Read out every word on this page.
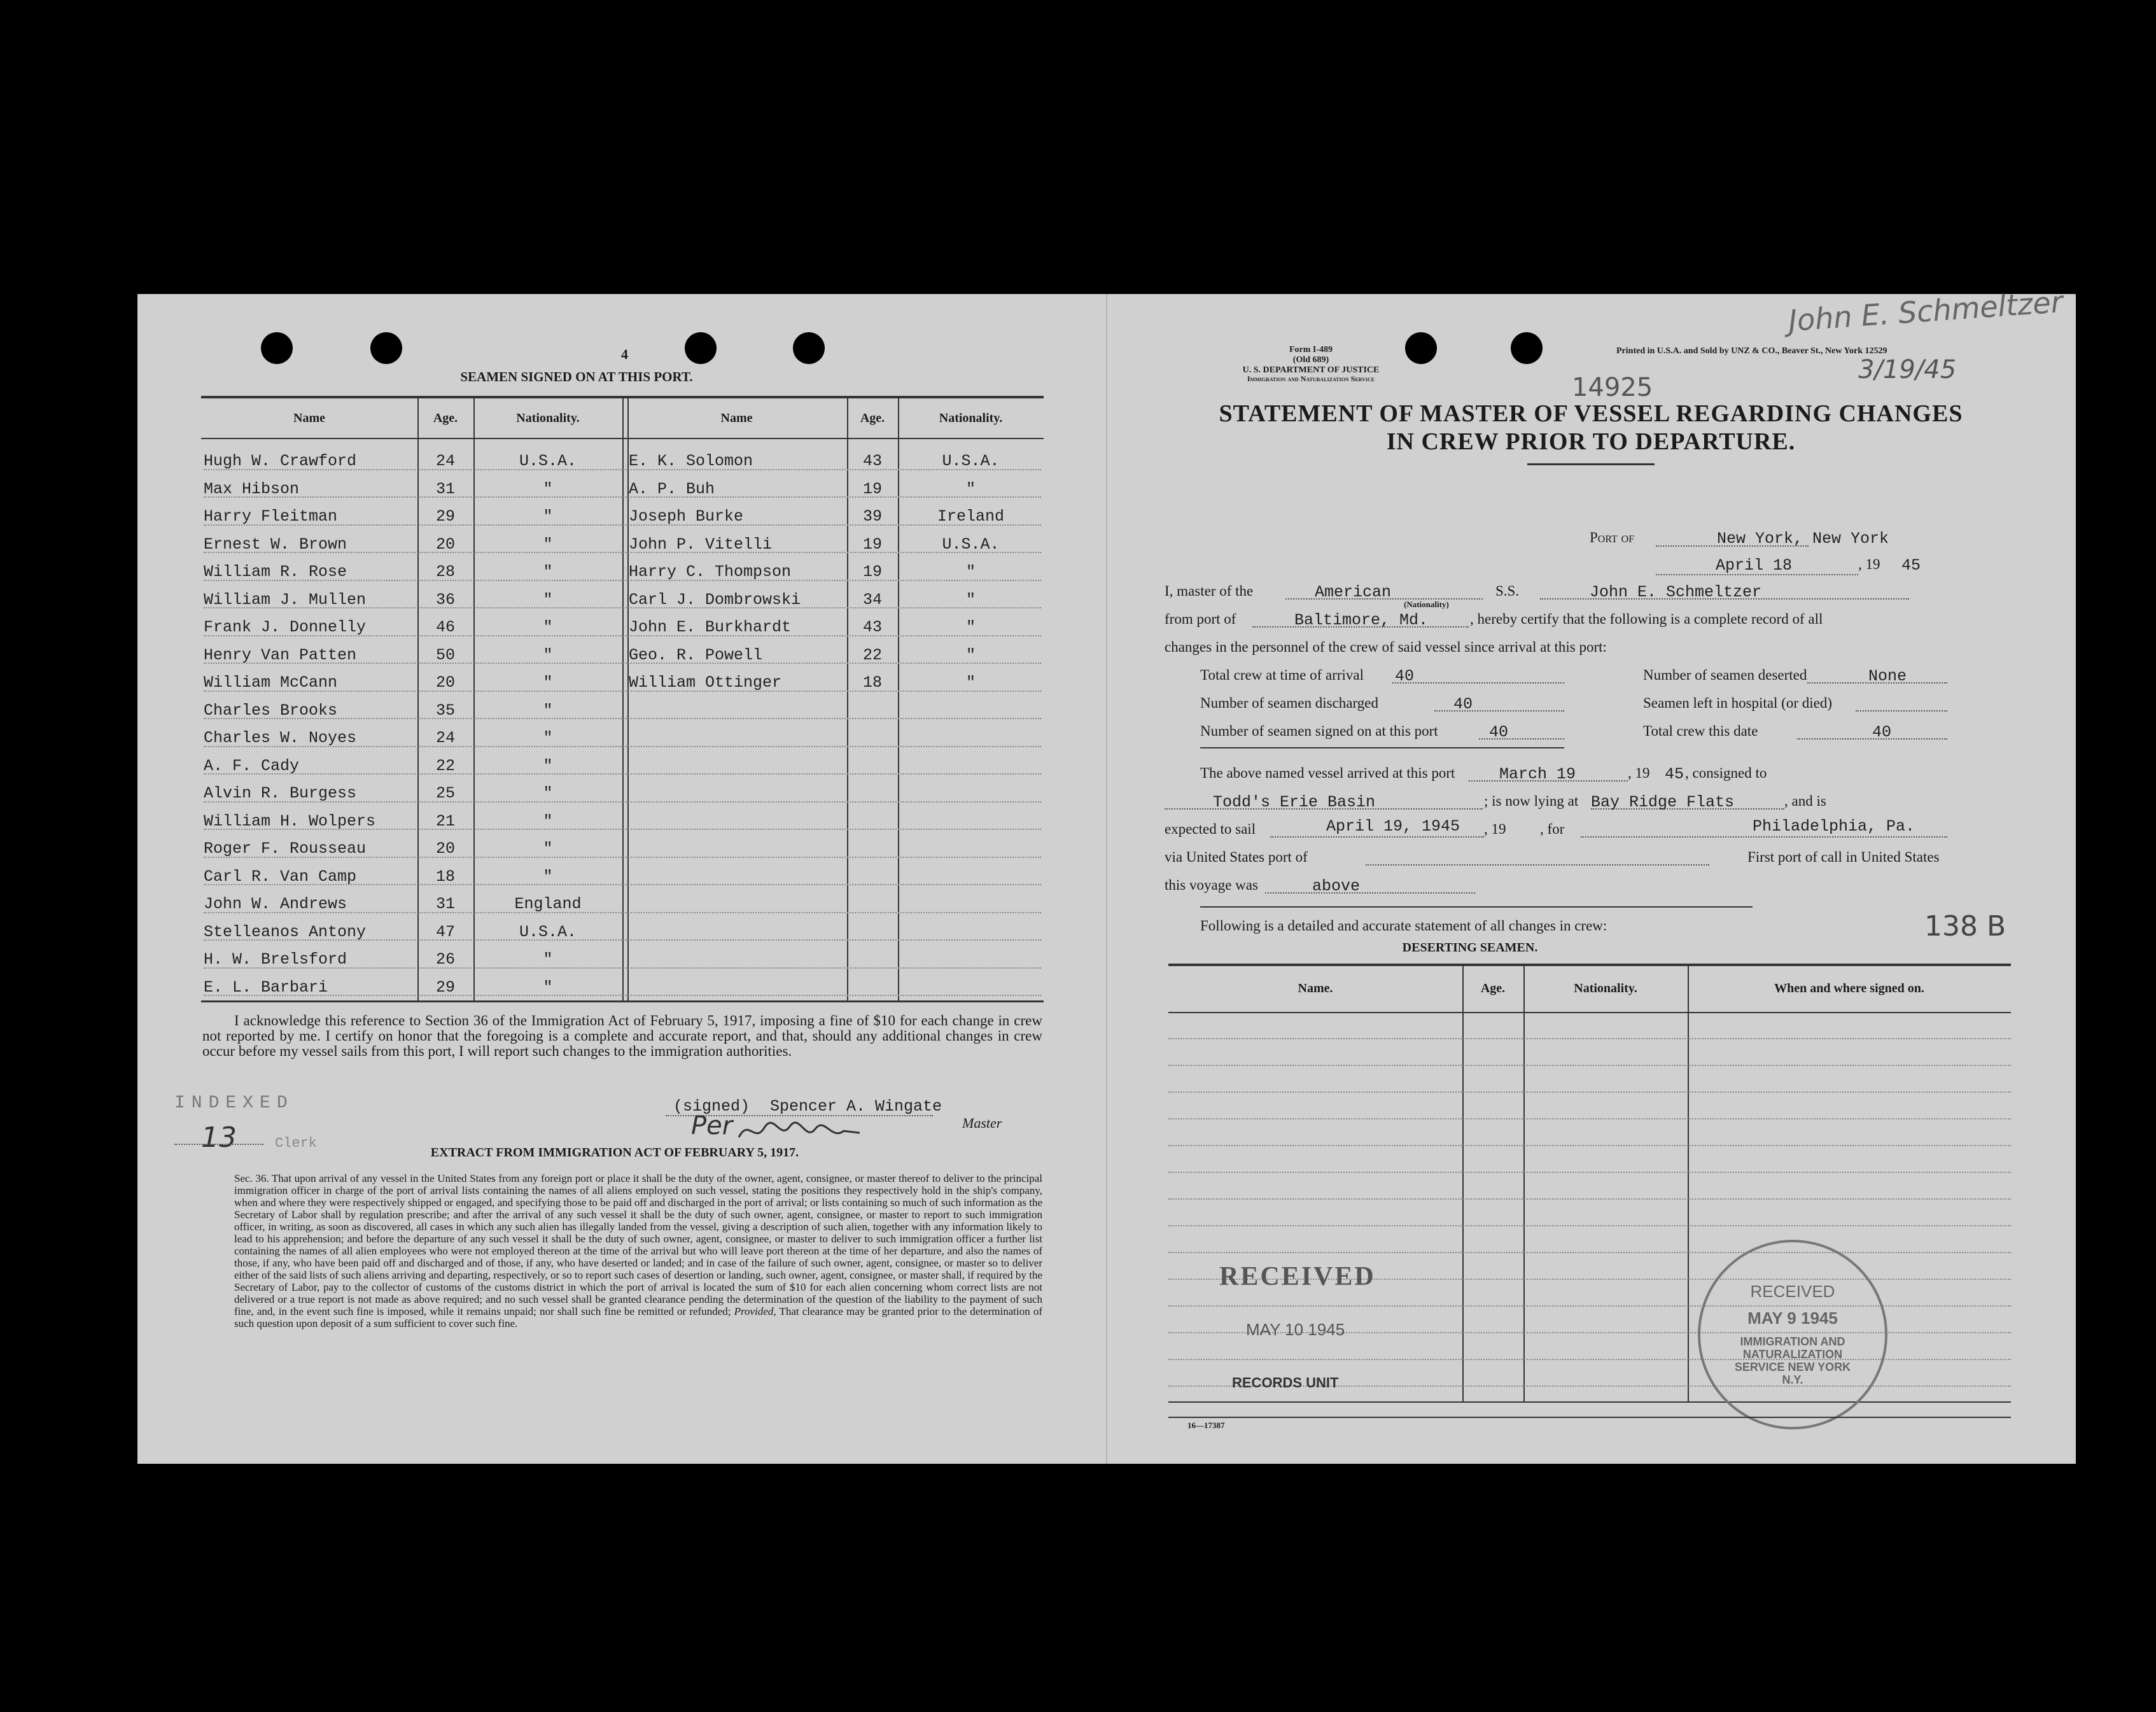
4
SEAMEN SIGNED ON AT THIS PORT.
Name	Age.	Nationality.	Name	Age.	Nationality.
Hugh W. Crawford	24	U.S.A.	E. K. Solomon	43	U.S.A.
Max Hibson	31	"	A. P. Buh	19	"
Harry Fleitman	29	"	Joseph Burke	39	Ireland
Ernest W. Brown	20	"	John P. Vitelli	19	U.S.A.
William R. Rose	28	"	Harry C. Thompson	19	"
William J. Mullen	36	"	Carl J. Dombrowski	34	"
Frank J. Donnelly	46	"	John E. Burkhardt	43	"
Henry Van Patten	50	"	Geo. R. Powell	22	"
William McCann	20	"	William Ottinger	18	"
Charles Brooks	35	"
Charles W. Noyes	24	"
A. F. Cady	22	"
Alvin R. Burgess	25	"
William H. Wolpers	21	"
Roger F. Rousseau	20	"
Carl R. Van Camp	18	"
John W. Andrews	31	England
Stelleanos Antony	47	U.S.A.
H. W. Brelsford	26	"
E. L. Barbari	29	"
I acknowledge this reference to Section 36 of the Immigration Act of February 5, 1917, imposing a fine of $10 for each change in crew not reported by me. I certify on honor that the foregoing is a complete and accurate report, and that, should any additional changes in crew occur before my vessel sails from this port, I will report such changes to the immigration authorities.
INDEXED
13	Clerk
(signed) Spencer A. Wingate
Per	Master
EXTRACT FROM IMMIGRATION ACT OF FEBRUARY 5, 1917.
Sec. 36. That upon arrival of any vessel in the United States from any foreign port or place it shall be the duty of the owner, agent, consignee, or master thereof to deliver to the principal immigration officer in charge of the port of arrival lists containing the names of all aliens employed on such vessel, stating the positions they respectively hold in the ship's company, when and where they were respectively shipped or engaged, and specifying those to be paid off and discharged in the port of arrival; or lists containing so much of such information as the Secretary of Labor shall by regulation prescribe; and after the arrival of any such vessel it shall be the duty of such owner, agent, consignee, or master to report to such immigration officer, in writing, as soon as discovered, all cases in which any such alien has illegally landed from the vessel, giving a description of such alien, together with any information likely to lead to his apprehension; and before the departure of any such vessel it shall be the duty of such owner, agent, consignee, or master to deliver to such immigration officer a further list containing the names of all alien employees who were not employed thereon at the time of the arrival but who will leave port thereon at the time of her departure, and also the names of those, if any, who have been paid off and discharged and of those, if any, who have deserted or landed; and in case of the failure of such owner, agent, consignee, or master so to deliver either of the said lists of such aliens arriving and departing, respectively, or so to report such cases of desertion or landing, such owner, agent, consignee, or master shall, if required by the Secretary of Labor, pay to the collector of customs of the customs district in which the port of arrival is located the sum of $10 for each alien concerning whom correct lists are not delivered or a true report is not made as above required; and no such vessel shall be granted clearance pending the determination of the question of the liability to the payment of such fine, and, in the event such fine is imposed, while it remains unpaid; nor shall such fine be remitted or refunded; Provided, That clearance may be granted prior to the determination of such question upon deposit of a sum sufficient to cover such fine.
Form I-489
(Old 689)
U. S. DEPARTMENT OF JUSTICE
Immigration and Naturalization Service
Printed in U.S.A. and Sold by UNZ & CO., Beaver St., New York 12529
John E. Schmeltzer
3/19/45
14925
STATEMENT OF MASTER OF VESSEL REGARDING CHANGES
IN CREW PRIOR TO DEPARTURE.
Port of	New York, New York
April 18	, 19 45
I, master of the	American
(Nationality)
S.S.	John E. Schmeltzer
from port of	Baltimore, Md.	, hereby certify that the following is a complete record of all
changes in the personnel of the crew of said vessel since arrival at this port:
Total crew at time of arrival 40	Number of seamen deserted	None
Number of seamen discharged	40	Seamen left in hospital (or died)
Number of seamen signed on at this port	40	Total crew this date	40
The above named vessel arrived at this port	March 19	, 19 45 , consigned to
Todd's Erie Basin	; is now lying at Bay Ridge Flats	, and is
expected to sail	April 19, 1945 , 19 , for	Philadelphia, Pa.
via United States port of	First port of call in United States
this voyage was	above
Following is a detailed and accurate statement of all changes in crew:	138 B
DESERTING SEAMEN.
Name.	Age.	Nationality.	When and where signed on.
RECEIVED
MAY 10 1945
RECORDS UNIT
RECEIVED
MAY 9 1945
IMMIGRATION AND NATURALIZATION SERVICE NEW YORK N.Y.
16—17387
